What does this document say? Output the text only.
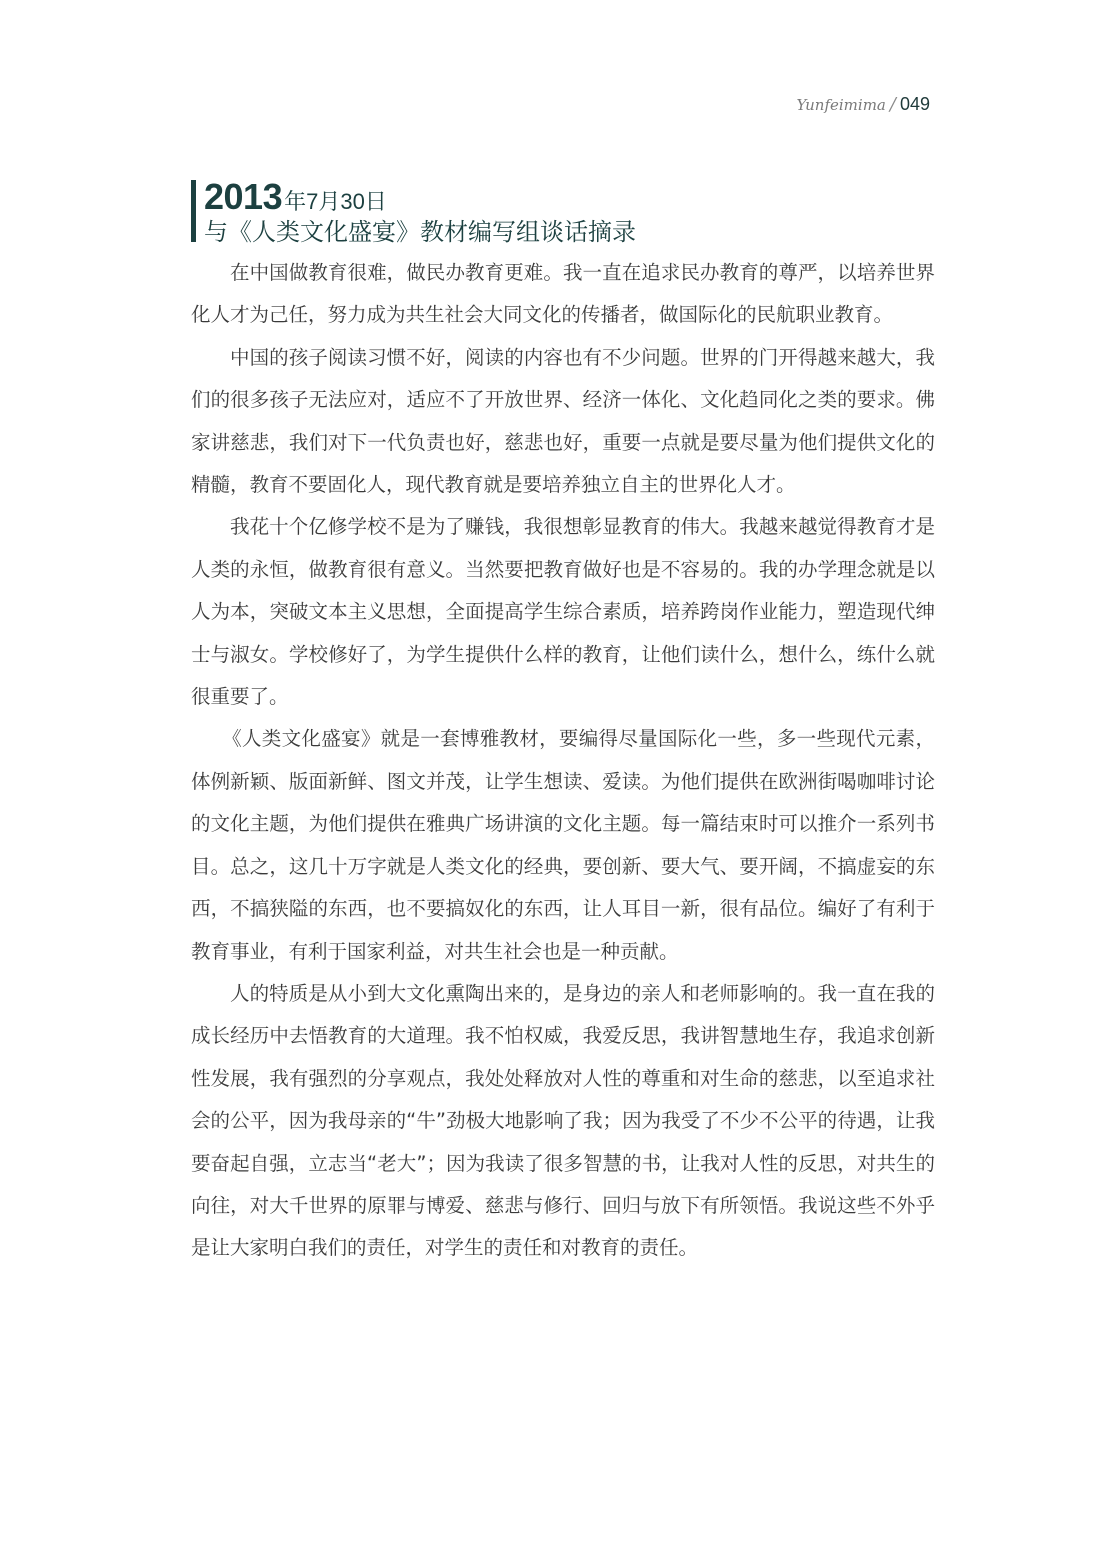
Yunfeimima / 049
2013 年7月30日
与《人类文化盛宴》教材编写组谈话摘录

在中国做教育很难，做民办教育更难。我一直在追求民办教育的尊严，以培养世界化人才为己任，努力成为共生社会大同文化的传播者，做国际化的民航职业教育。

中国的孩子阅读习惯不好，阅读的内容也有不少问题。世界的门开得越来越大，我们的很多孩子无法应对，适应不了开放世界、经济一体化、文化趋同化之类的要求。佛家讲慈悲，我们对下一代负责也好，慈悲也好，重要一点就是要尽量为他们提供文化的精髓，教育不要固化人，现代教育就是要培养独立自主的世界化人才。

我花十个亿修学校不是为了赚钱，我很想彰显教育的伟大。我越来越觉得教育才是人类的永恒，做教育很有意义。当然要把教育做好也是不容易的。我的办学理念就是以人为本，突破文本主义思想，全面提高学生综合素质，培养跨岗作业能力，塑造现代绅士与淑女。学校修好了，为学生提供什么样的教育，让他们读什么，想什么，练什么就很重要了。

《人类文化盛宴》就是一套博雅教材，要编得尽量国际化一些，多一些现代元素，体例新颖、版面新鲜、图文并茂，让学生想读、爱读。为他们提供在欧洲街喝咖啡讨论的文化主题，为他们提供在雅典广场讲演的文化主题。每一篇结束时可以推介一系列书目。总之，这几十万字就是人类文化的经典，要创新、要大气、要开阔，不搞虚妄的东西，不搞狭隘的东西，也不要搞奴化的东西，让人耳目一新，很有品位。编好了有利于教育事业，有利于国家利益，对共生社会也是一种贡献。

人的特质是从小到大文化熏陶出来的，是身边的亲人和老师影响的。我一直在我的成长经历中去悟教育的大道理。我不怕权威，我爱反思，我讲智慧地生存，我追求创新性发展，我有强烈的分享观点，我处处释放对人性的尊重和对生命的慈悲，以至追求社会的公平，因为我母亲的“牛”劲极大地影响了我；因为我受了不少不公平的待遇，让我要奋起自强，立志当“老大”；因为我读了很多智慧的书，让我对人性的反思，对共生的向往，对大千世界的原罪与博爱、慈悲与修行、回归与放下有所领悟。我说这些不外乎是让大家明白我们的责任，对学生的责任和对教育的责任。
